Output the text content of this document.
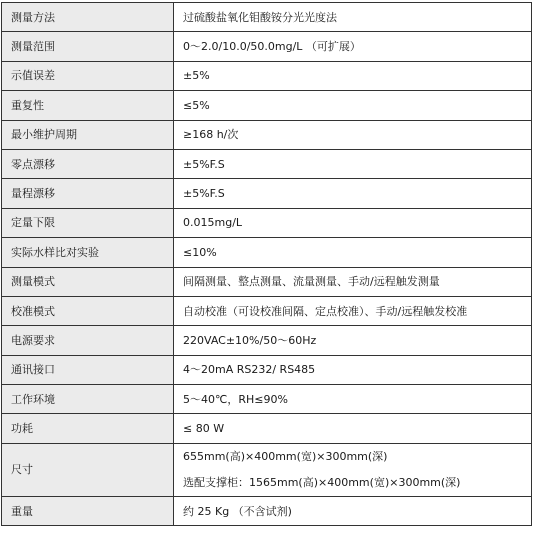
测量方法	过硫酸盐氧化钼酸铵分光光度法
测量范围	0～2.0/10.0/50.0mg/L （可扩展）
示值误差	±5%
重复性	≤5%
最小维护周期	≥168 h/次
零点漂移	±5%F.S
量程漂移	±5%F.S
定量下限	0.015mg/L
实际水样比对实验	≤10%
测量模式	间隔测量、整点测量、流量测量、手动/远程触发测量
校准模式	自动校准（可设校准间隔、定点校准）、手动/远程触发校准
电源要求	220VAC±10%/50～60Hz
通讯接口	4～20mA RS232/ RS485
工作环境	5～40℃，RH≤90%
功耗	≤ 80 W
尺寸	655mm(高)×400mm(宽)×300mm(深)
选配支撑柜：1565mm(高)×400mm(宽)×300mm(深)

重量	约 25 Kg （不含试剂)
